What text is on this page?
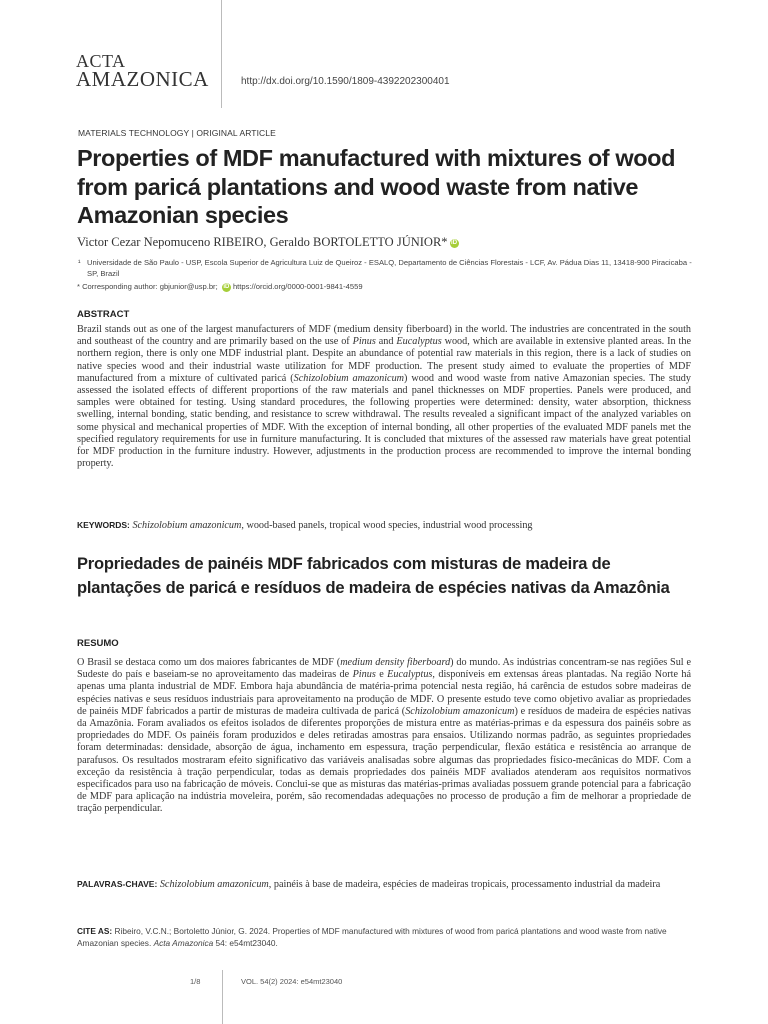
ACTA
AMAZONICA	http://dx.doi.org/10.1590/1809-4392202300401
MATERIALS TECHNOLOGY | ORIGINAL ARTICLE
Properties of MDF manufactured with mixtures of wood from paricá plantations and wood waste from native Amazonian species
Victor Cezar Nepomuceno RIBEIRO, Geraldo BORTOLETTO JÚNIOR* iD
¹ Universidade de São Paulo - USP, Escola Superior de Agricultura Luiz de Queiroz - ESALQ, Departamento de Ciências Florestais - LCF, Av. Pádua Dias 11, 13418-900 Piracicaba - SP, Brazil
* Corresponding author: gbjunior@usp.br; iD https://orcid.org/0000-0001-9841-4559
ABSTRACT

Brazil stands out as one of the largest manufacturers of MDF (medium density fiberboard) in the world. The industries are concentrated in the south and southeast of the country and are primarily based on the use of Pinus and Eucalyptus wood, which are available in extensive planted areas. In the northern region, there is only one MDF industrial plant. Despite an abundance of potential raw materials in this region, there is a lack of studies on native species wood and their industrial waste utilization for MDF production. The present study aimed to evaluate the properties of MDF manufactured from a mixture of cultivated paricá (Schizolobium amazonicum) wood and wood waste from native Amazonian species. The study assessed the isolated effects of different proportions of the raw materials and panel thicknesses on MDF properties. Panels were produced, and samples were obtained for testing. Using standard procedures, the following properties were determined: density, water absorption, thickness swelling, internal bonding, static bending, and resistance to screw withdrawal. The results revealed a significant impact of the analyzed variables on some physical and mechanical properties of MDF. With the exception of internal bonding, all other properties of the evaluated MDF panels met the specified regulatory requirements for use in furniture manufacturing. It is concluded that mixtures of the assessed raw materials have great potential for MDF production in the furniture industry. However, adjustments in the production process are recommended to improve the internal bonding property.

KEYWORDS: Schizolobium amazonicum, wood-based panels, tropical wood species, industrial wood processing
Propriedades de painéis MDF fabricados com misturas de madeira de plantações de paricá e resíduos de madeira de espécies nativas da Amazônia
RESUMO

O Brasil se destaca como um dos maiores fabricantes de MDF (medium density fiberboard) do mundo. As indústrias concentram-se nas regiões Sul e Sudeste do país e baseiam-se no aproveitamento das madeiras de Pinus e Eucalyptus, disponíveis em extensas áreas plantadas. Na região Norte há apenas uma planta industrial de MDF. Embora haja abundância de matéria-prima potencial nesta região, há carência de estudos sobre madeiras de espécies nativas e seus resíduos industriais para aproveitamento na produção de MDF. O presente estudo teve como objetivo avaliar as propriedades de painéis MDF fabricados a partir de misturas de madeira cultivada de paricá (Schizolobium amazonicum) e resíduos de madeira de espécies nativas da Amazônia. Foram avaliados os efeitos isolados de diferentes proporções de mistura entre as matérias-primas e da espessura dos painéis sobre as propriedades do MDF. Os painéis foram produzidos e deles retiradas amostras para ensaios. Utilizando normas padrão, as seguintes propriedades foram determinadas: densidade, absorção de água, inchamento em espessura, tração perpendicular, flexão estática e resistência ao arranque de parafusos. Os resultados mostraram efeito significativo das variáveis analisadas sobre algumas das propriedades físico-mecânicas do MDF. Com a exceção da resistência à tração perpendicular, todas as demais propriedades dos painéis MDF avaliados atenderam aos requisitos normativos especificados para uso na fabricação de móveis. Conclui-se que as misturas das matérias-primas avaliadas possuem grande potencial para a fabricação de MDF para aplicação na indústria moveleira, porém, são recomendadas adequações no processo de produção a fim de melhorar a propriedade de tração perpendicular.

PALAVRAS-CHAVE: Schizolobium amazonicum, painéis à base de madeira, espécies de madeiras tropicais, processamento industrial da madeira
CITE AS: Ribeiro, V.C.N.; Bortoletto Júnior, G. 2024. Properties of MDF manufactured with mixtures of wood from paricá plantations and wood waste from native Amazonian species. Acta Amazonica 54: e54mt23040.
1/8	VOL. 54(2) 2024: e54mt23040
